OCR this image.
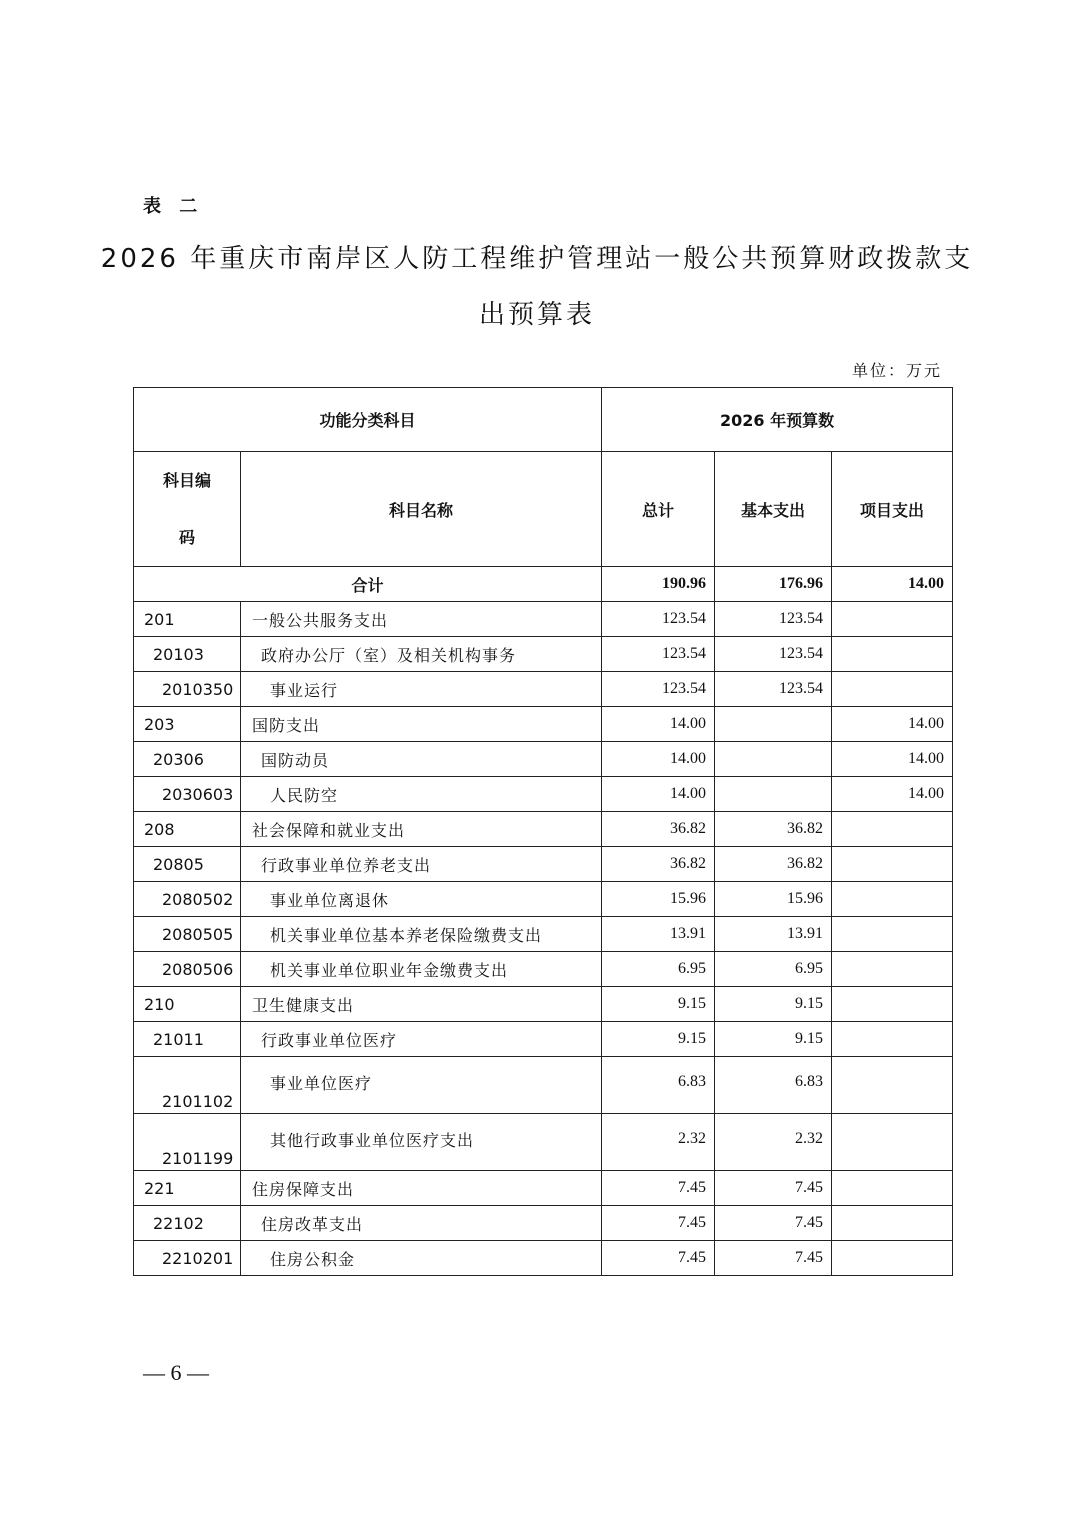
表 二
2026 年重庆市南岸区人防工程维护管理站一般公共预算财政拨款支
出预算表
单位：万元
功能分类科目		2026 年预算数		

科目编
码	科目名称	总计	基本支出	项目支出
合计		190.96	176.96	14.00
201	一般公共服务支出	123.54	123.54	
20103	政府办公厅（室）及相关机构事务	123.54	123.54	
2010350	事业运行	123.54	123.54	
203	国防支出	14.00		14.00
20306	国防动员	14.00		14.00
2030603	人民防空	14.00		14.00
208	社会保障和就业支出	36.82	36.82	
20805	行政事业单位养老支出	36.82	36.82	
2080502	事业单位离退休	15.96	15.96	
2080505	机关事业单位基本养老保险缴费支出	13.91	13.91	
2080506	机关事业单位职业年金缴费支出	6.95	6.95	
210	卫生健康支出	9.15	9.15	
21011	行政事业单位医疗	9.15	9.15	
2101102	事业单位医疗	6.83	6.83	
2101199	其他行政事业单位医疗支出	2.32	2.32	
221	住房保障支出	7.45	7.45	
22102	住房改革支出	7.45	7.45	
2210201	住房公积金	7.45	7.45	
— 6 —
